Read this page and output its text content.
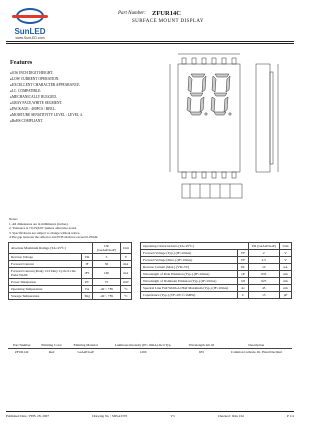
SunLED
www.SunLED.com
Part Number: ZFUR14C
SURFACE MOUNT DISPLAY
Features
● 0.56 INCH DIGIT HEIGHT.
● LOW CURRENT OPERATION.
● EXCELLENT CHARACTER APPEARANCE.
● I.C. COMPATIBLE.
● MECHANICALLY RUGGED.
● GRAY FACE,WHITE SEGMENT.
● PACKAGE : 400PCS / REEL.
● MOISTURE SENSITIVITY LEVEL : LEVEL 4.
● RoHS COMPLIANT.
Notes:
1. All dimensions are in millimeters (inches).
2. Tolerance is ±0.25(0.01")unless otherwise noted.
3. Specifications are subject to change without notice.
4.The gap between the reflector and PCB shall not exceed 0.25mm.
Absolute Maximum Ratings (TA=25°C)		UR (GaAsP/GaP)	Unit
Reverse Voltage	VR	5	V
Forward Current	IF	30	mA
Forward Current (Peak) 1/10 Duty Cycle 0.1ms Pulse Width	iFS	160	mA
Power Dissipation	PT	75	mW
Operating Temperature	TA	-40 ~ +85	°C
Storage Temperature	Tstg	-40 ~ +85	°C
Operating Characteristics (TA=25°C)		UR (GaAsP/GaP)	Unit
Forward Voltage (Typ.) (IF=10mA)	VF	2	V
Forward Voltage (Max.) (IF=10mA)	VF	2.5	V
Reverse Current (Max.) (VR=5V)	IR	10	uA
Wavelength of Peak Emission (Typ.) (IF=10mA)	λP	635	nm
Wavelength of Dominant Emission (Typ.) (IF=10mA)	λD	625	nm
Spectral Line Full Width At Half Maximum (Typ.) (IF=10mA)	Δλ	45	nm
Capacitance (Typ.) (VF=0V, f=1MHz)	C	15	pF
Part Number	Emitting Color	Emitting Material	Luminous Intensity (IF=10mA) mcd Typ.	Wavelength nm λP	Description
ZFUR14C	Red	GaAsP/GaP	1200	635	Common Cathode, Rt. Hand Decimal
Published Date : FEB. 28, 2007	Drawing No : SDSA3370	V3	Checked : Ritu Chi	P 1/4
